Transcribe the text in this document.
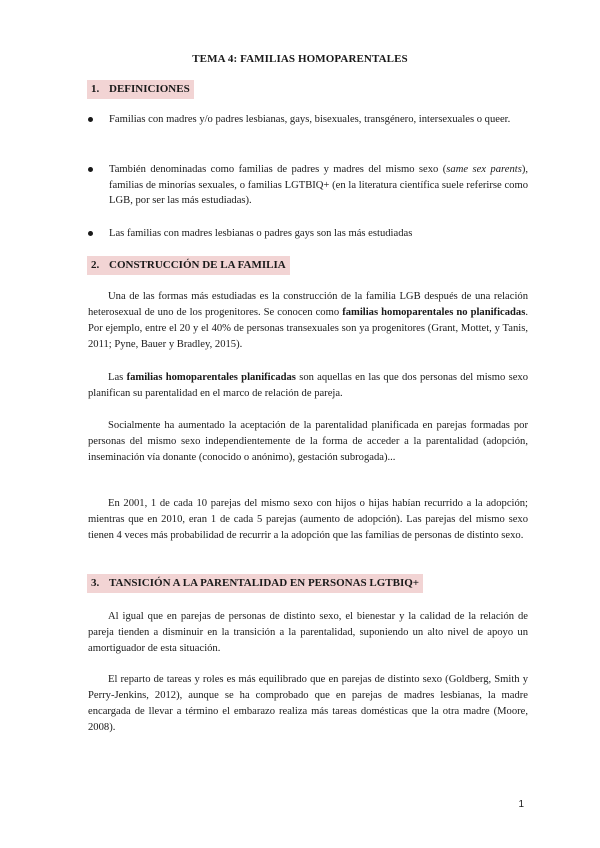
TEMA 4: FAMILIAS HOMOPARENTALES
1. DEFINICIONES
Familias con madres y/o padres lesbianas, gays, bisexuales, transgénero, intersexuales o queer.
También denominadas como familias de padres y madres del mismo sexo (same sex parents), familias de minorías sexuales, o familias LGTBIQ+ (en la literatura científica suele referirse como LGB, por ser las más estudiadas).
Las familias con madres lesbianas o padres gays son las más estudiadas
2. CONSTRUCCIÓN DE LA FAMILIA
Una de las formas más estudiadas es la construcción de la familia LGB después de una relación heterosexual de uno de los progenitores. Se conocen como familias homoparentales no planificadas. Por ejemplo, entre el 20 y el 40% de personas transexuales son ya progenitores (Grant, Mottet, y Tanis, 2011; Pyne, Bauer y Bradley, 2015).
Las familias homoparentales planificadas son aquellas en las que dos personas del mismo sexo planifican su parentalidad en el marco de relación de pareja.
Socialmente ha aumentado la aceptación de la parentalidad planificada en parejas formadas por personas del mismo sexo independientemente de la forma de acceder a la parentalidad (adopción, inseminación vía donante (conocido o anónimo), gestación subrogada)...
En 2001, 1 de cada 10 parejas del mismo sexo con hijos o hijas habían recurrido a la adopción; mientras que en 2010, eran 1 de cada 5 parejas (aumento de adopción). Las parejas del mismo sexo tienen 4 veces más probabilidad de recurrir a la adopción que las familias de personas de distinto sexo.
3. TANSICIÓN A LA PARENTALIDAD EN PERSONAS LGTBIQ+
Al igual que en parejas de personas de distinto sexo, el bienestar y la calidad de la relación de pareja tienden a disminuir en la transición a la parentalidad, suponiendo un alto nivel de apoyo un amortiguador de esta situación.
El reparto de tareas y roles es más equilibrado que en parejas de distinto sexo (Goldberg, Smith y Perry-Jenkins, 2012), aunque se ha comprobado que en parejas de madres lesbianas, la madre encargada de llevar a término el embarazo realiza más tareas domésticas que la otra madre (Moore, 2008).
1
